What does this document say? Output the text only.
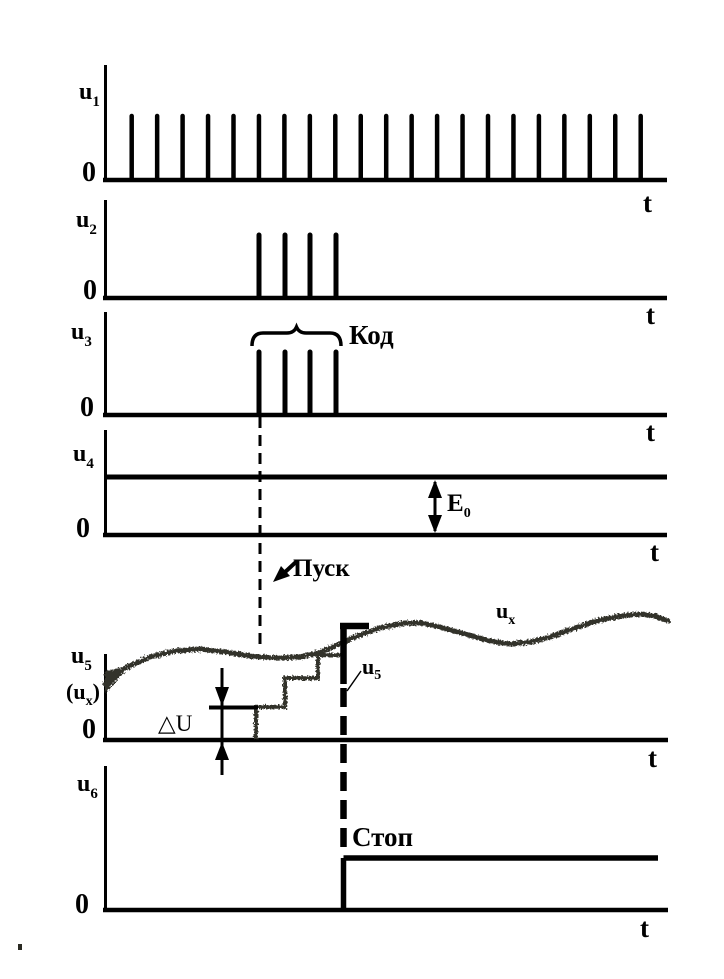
$u_1$
0
t
$u_2$
0
t
Код
$u_3$
0
t
$E_0$
$u_4$
0
t
Пуск
△U
$u_5$
$u_x$
$u_5$
$(u_x)$
0
t
Стоп
$u_6$
0
t
